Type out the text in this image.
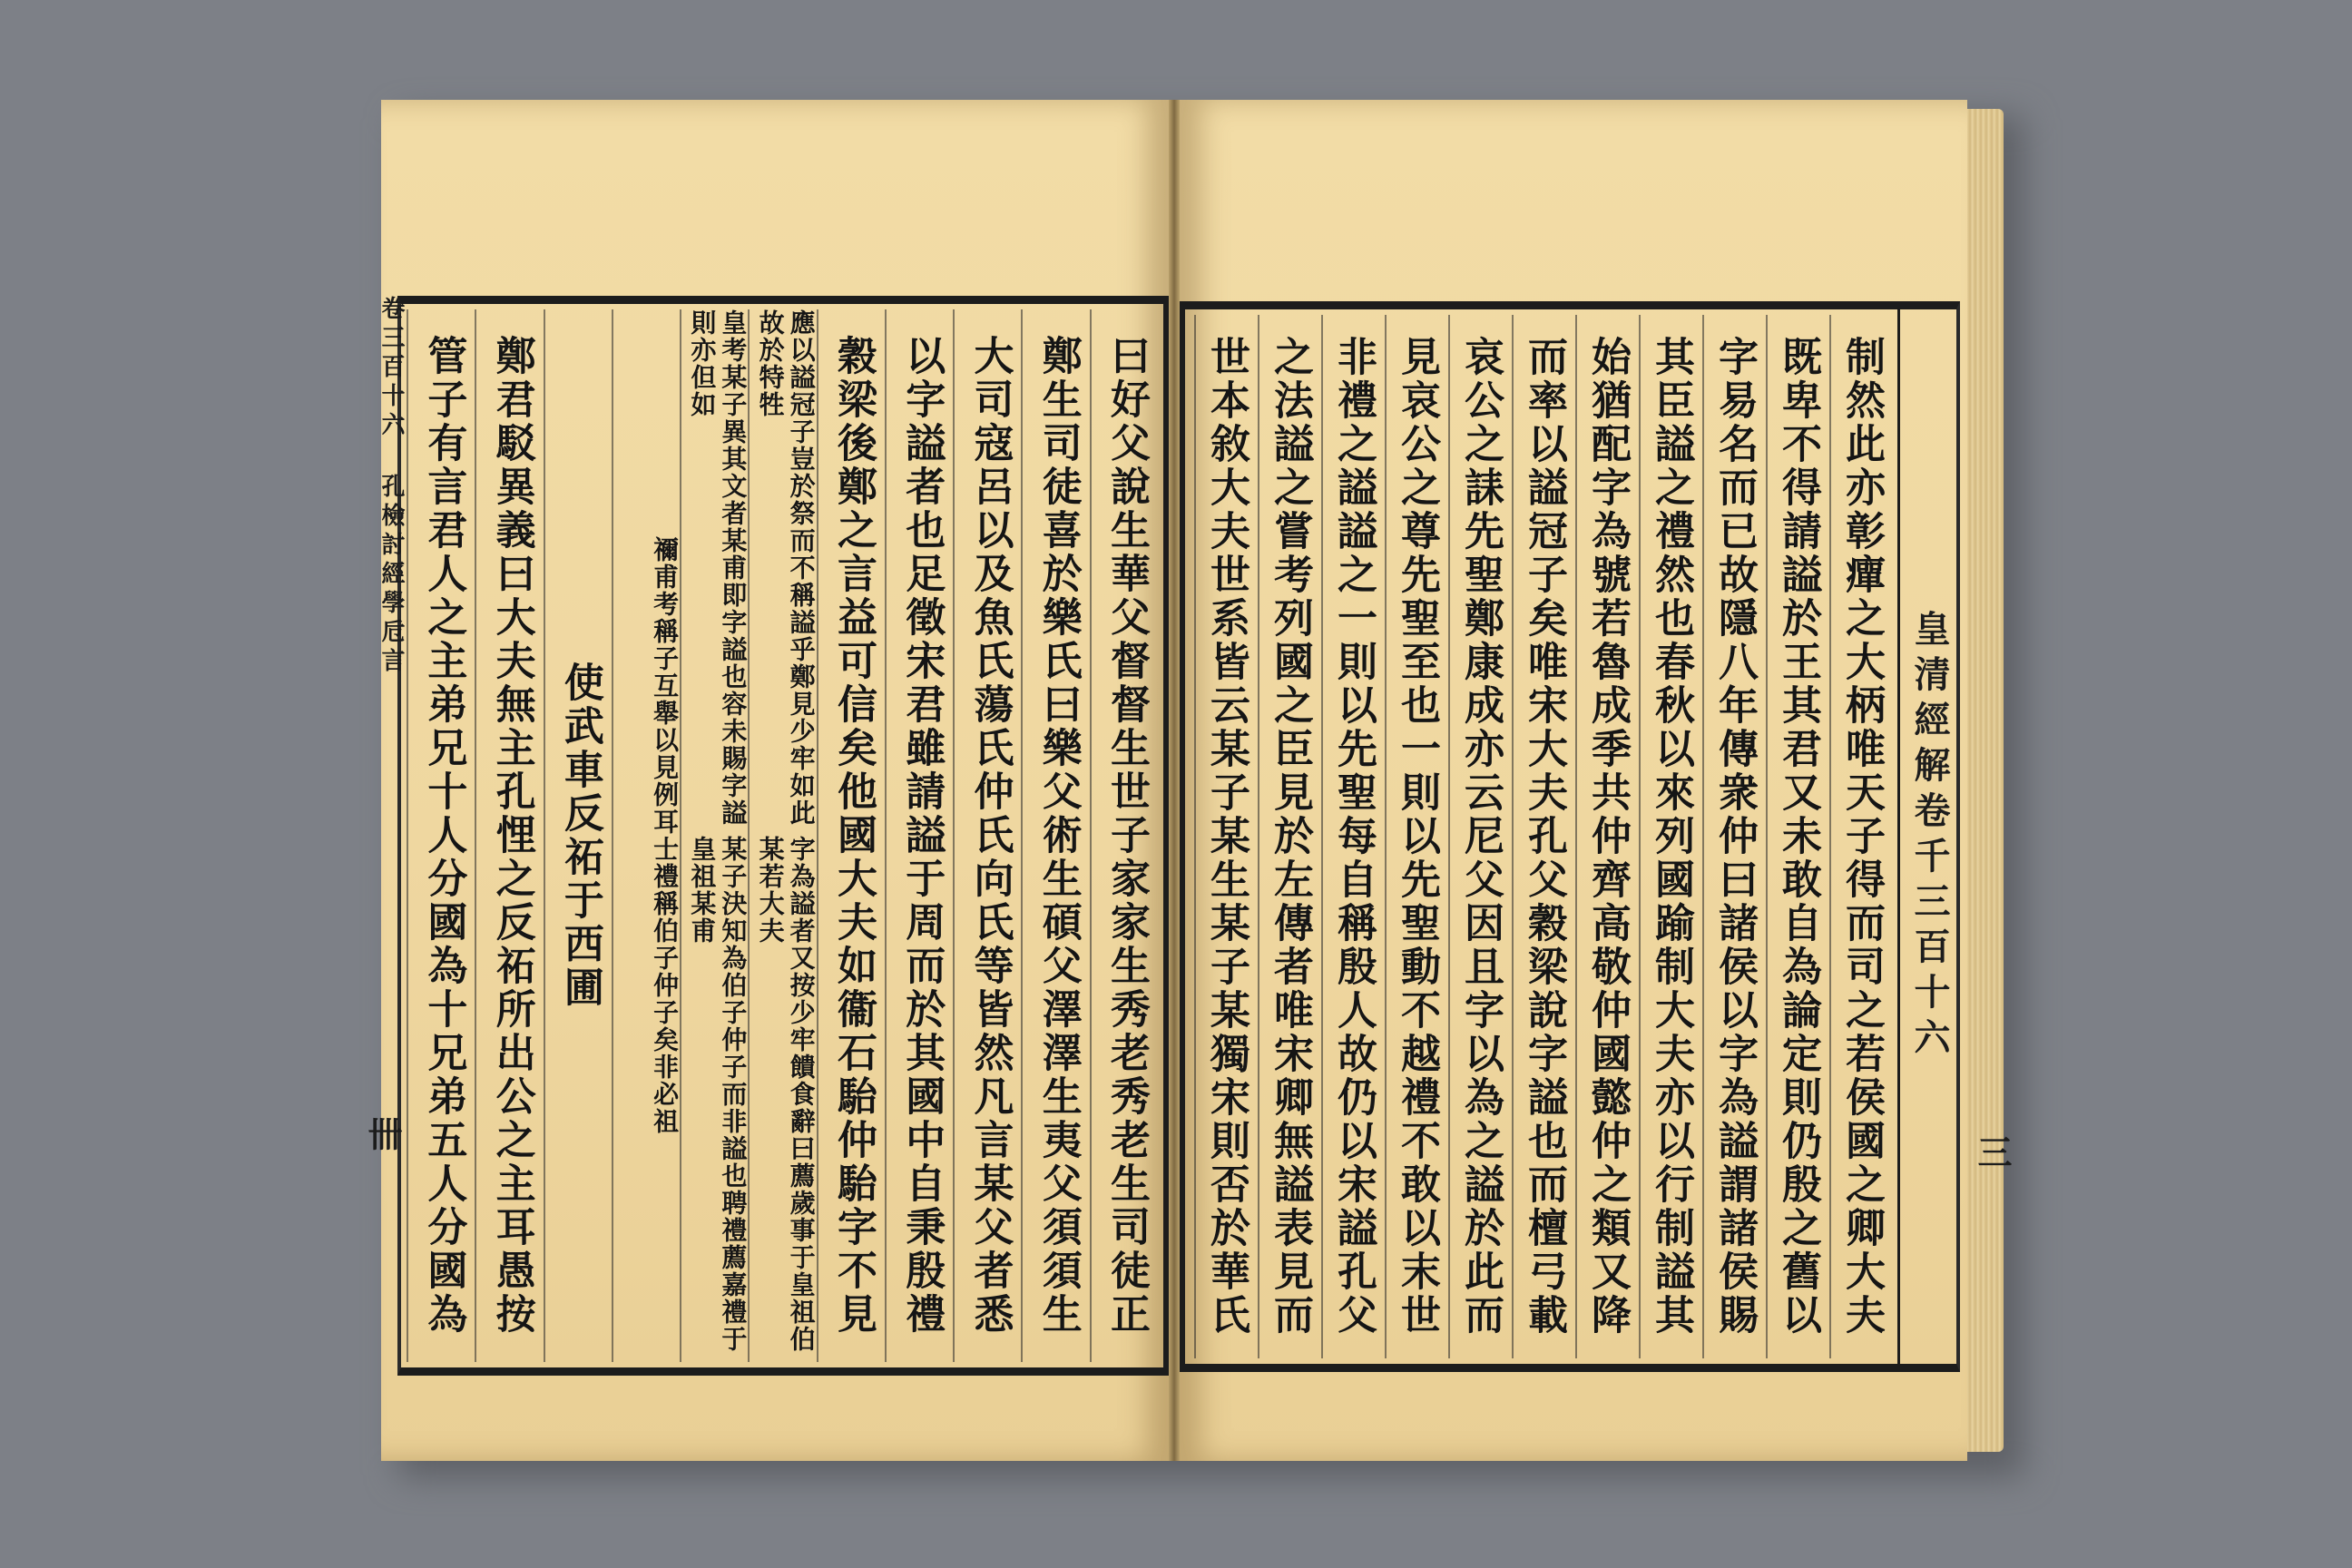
曰好父說生華父督督生世子家家生秀老秀老生司徒正
鄭生司徒喜於樂氏曰樂父術生碩父澤澤生夷父須須生
大司寇呂以及魚氏蕩氏仲氏向氏等皆然凡言某父者悉
以字謚者也足徵宋君雖請謚于周而於其國中自秉殷禮
穀梁後鄭之言益可信矣他國大夫如衞石駘仲駘字不見
字為謚者又按少牢饋食辭曰薦歲事于皇祖伯某若大夫
應以謚冠子豈於祭而不稱謚乎鄭見少牢如此故於特牲
某子決知為伯子仲子而非謚也聘禮薦嘉禮于皇祖某甫
皇考某子異其文者某甫即字謚也容未賜字謚則亦但如
士禮稱伯子仲子矣非必祖
禰甫考稱子互舉以見例耳
使武車反祏于西圃
鄭君駁異義曰大夫無主孔悝之反祏所出公之主耳愚按
管子有言君人之主弟兄十人分國為十兄弟五人分國為
卷三百十六 孔檢討經學卮言
卌	制然此亦彰癉之大柄唯天子得而司之若侯國之卿大夫
既卑不得請謚於王其君又未敢自為論定則仍殷之舊以
字易名而已故隱八年傳衆仲曰諸侯以字為謚謂諸侯賜
其臣謚之禮然也春秋以來列國踰制大夫亦以行制謚其
始猶配字為號若魯成季共仲齊高敬仲國懿仲之類又降
而率以謚冠子矣唯宋大夫孔父穀梁說字謚也而檀弓載
哀公之誄先聖鄭康成亦云尼父因且字以為之謚於此而
見哀公之尊先聖至也一則以先聖動不越禮不敢以末世
非禮之謚謚之一則以先聖每自稱殷人故仍以宋謚孔父
之法謚之嘗考列國之臣見於左傳者唯宋卿無謚表見而
世本敘大夫世系皆云某子某生某子某獨宋則否於華氏	皇清經解
卷千三百十六
三
